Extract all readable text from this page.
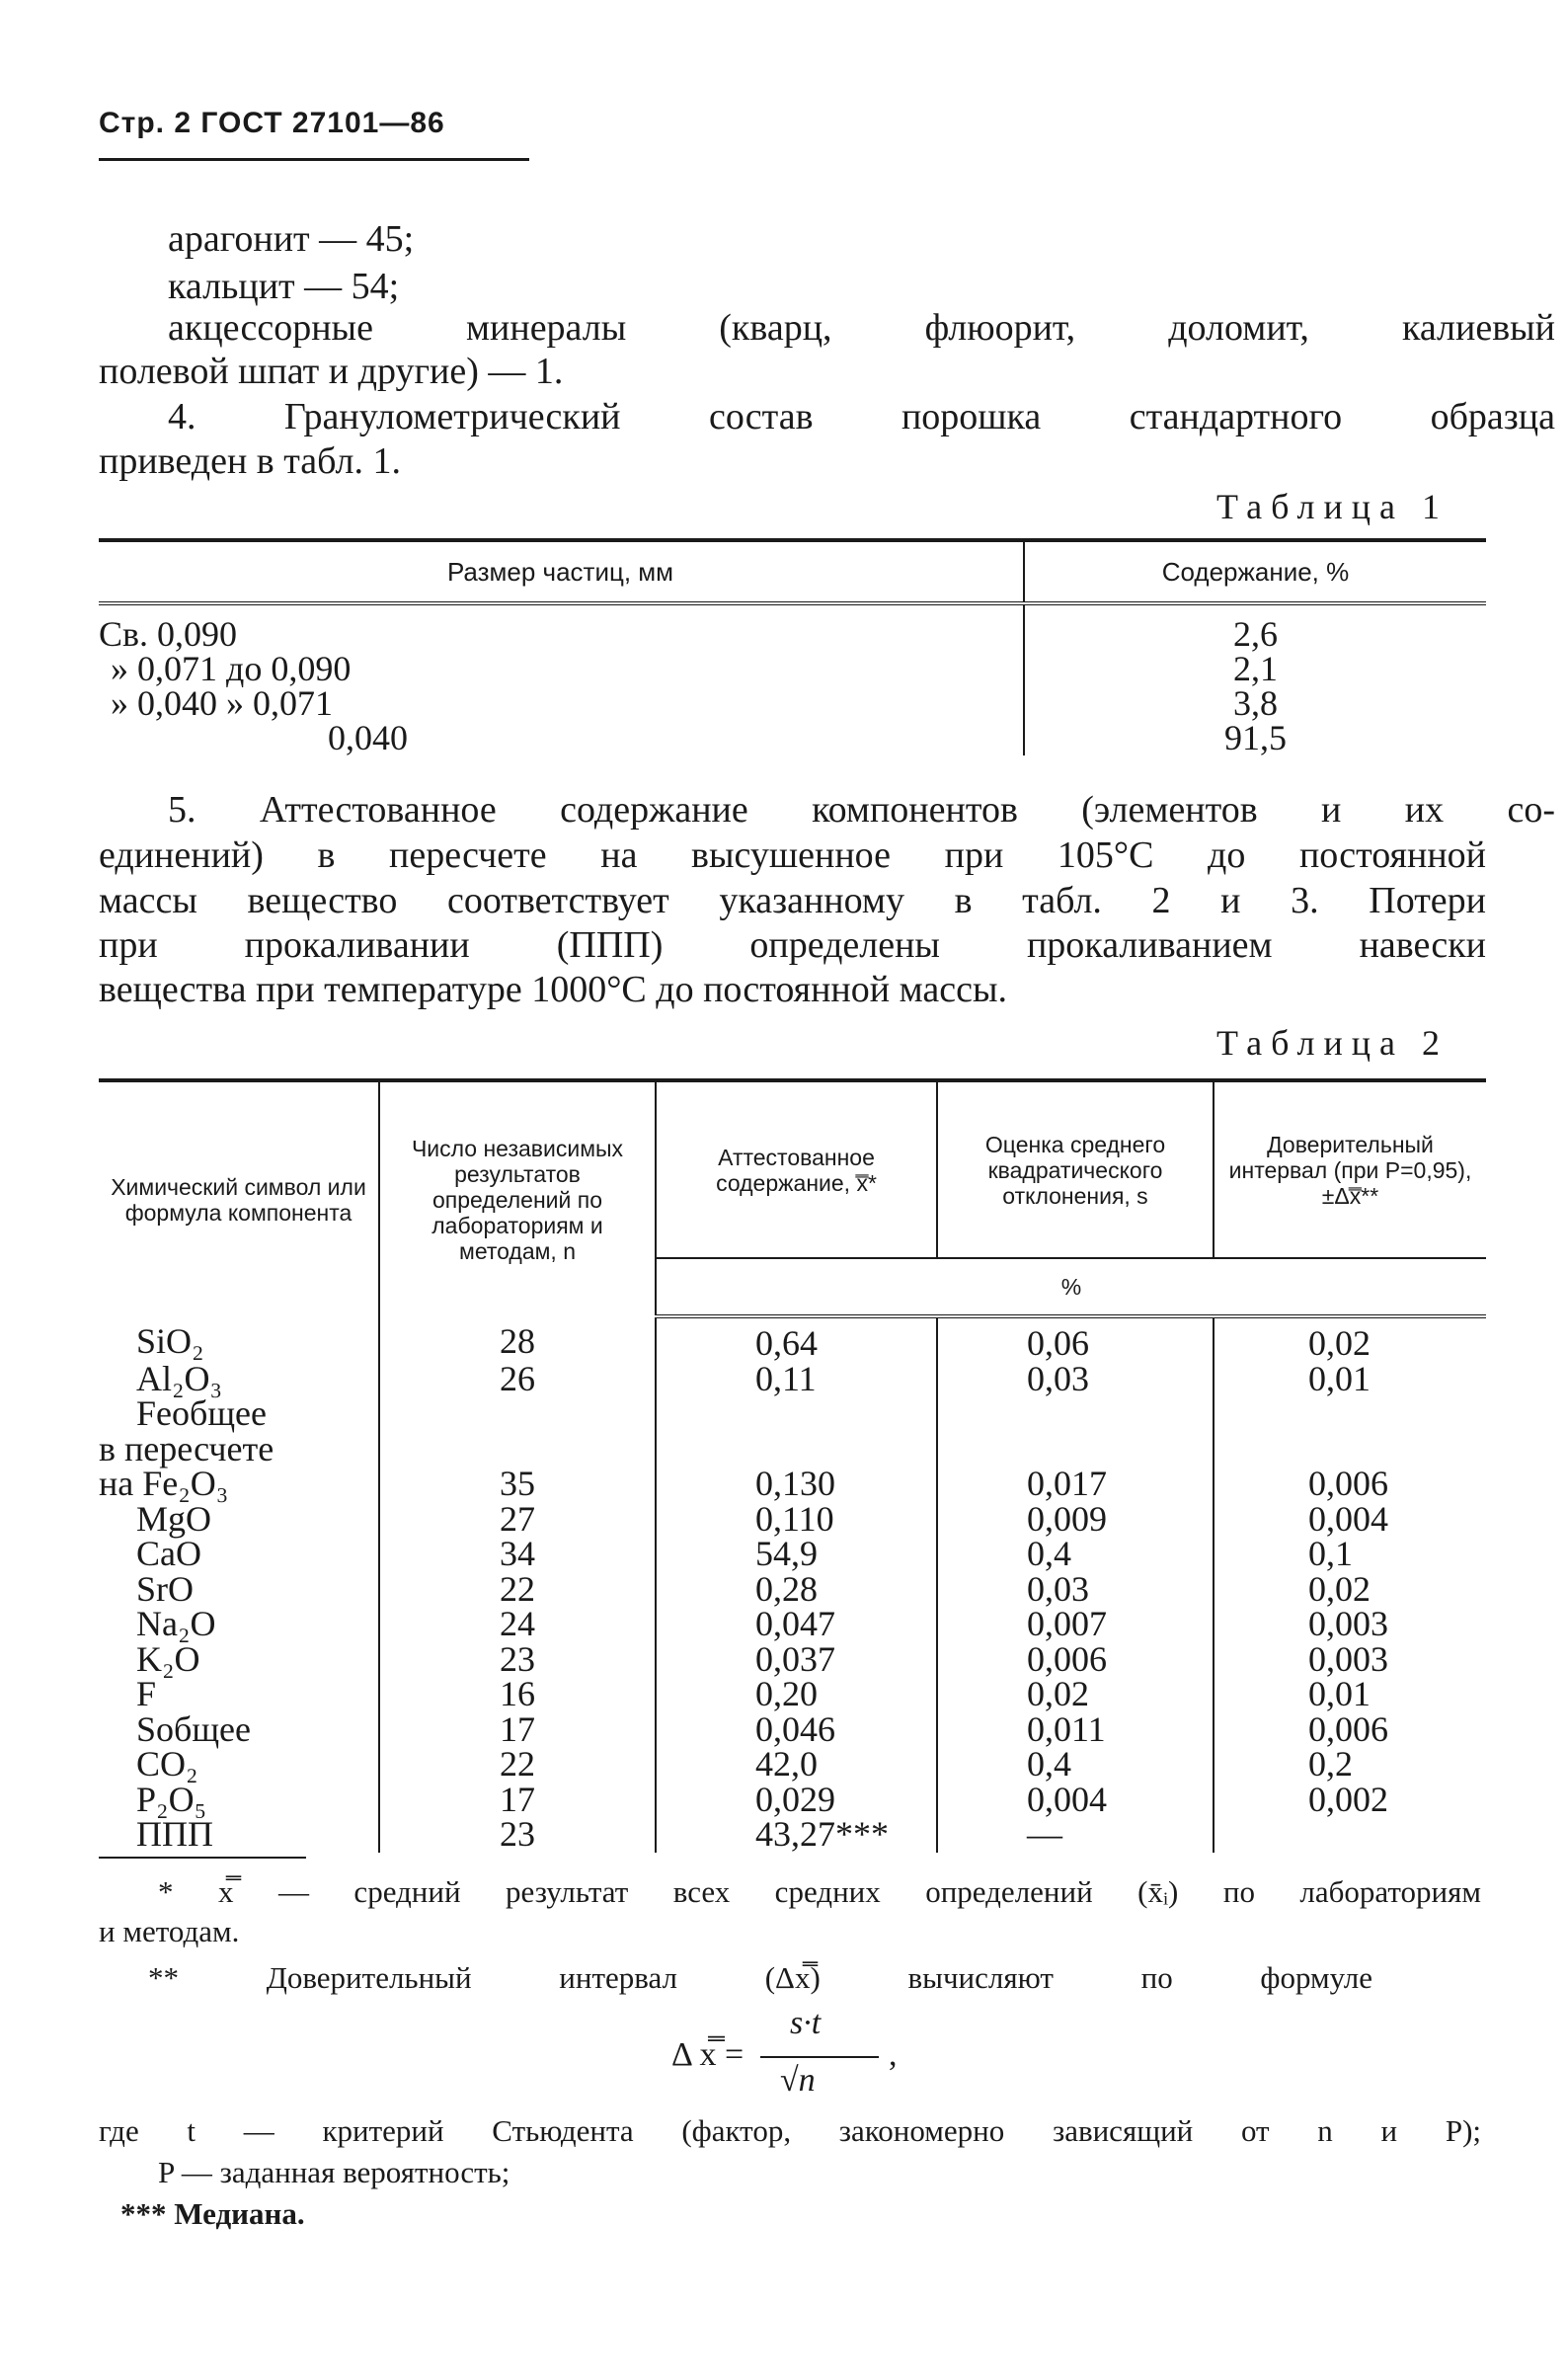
Стр. 2 ГОСТ 27101—86

арагонит — 45;

кальцит — 54;

акцессорные минералы (кварц, флюорит, доломит, калиевый

полевой шпат и другие) — 1.

4. Гранулометрический состав порошка стандартного образца

приведен в табл. 1.

Таблица 1
Размер частиц, мм	Содержание, %
Св. 0,090	2,6
» 0,071 до 0,090	2,1
» 0,040 » 0,071	3,8
0,040	91,5

5. Аттестованное содержание компонентов (элементов и их со-

единений) в пересчете на высушенное при 105°С до постоянной

массы вещество соответствует указанному в табл. 2 и 3. Потери

при прокаливании (ППП) определены прокаливанием навески

вещества при температуре 1000°С до постоянной массы.

Таблица 2
Химический символ или формула компонента	Число независимых результатов определений по лабораториям и методам, n	Аттестованное содержание, x̿*	Оценка среднего квадратического отклонения, s	Доверительный интервал (при P=0,95), ±Δx̿**
		%		
SiO₂	28	0,64	0,06	0,02
Al₂O₃	26	0,11	0,03	0,01
Feобщее				
в пересчете				
на Fe₂O₃	35	0,130	0,017	0,006
MgO	27	0,110	0,009	0,004
CaO	34	54,9	0,4	0,1
SrO	22	0,28	0,03	0,02
Na₂O	24	0,047	0,007	0,003
K₂O	23	0,037	0,006	0,003
F	16	0,20	0,02	0,01
Sобщее	17	0,046	0,011	0,006
CO₂	22	42,0	0,4	0,2
P₂O₅	17	0,029	0,004	0,002
ППП	23	43,27***	—	

* x̿ — средний результат всех средних определений (x̄ᵢ) по лабораториям

и методам.

** Доверительный интервал (Δx̿) вычисляют по формуле

Δ x̿ =
s·t
√n
,

где t — критерий Стьюдента (фактор, закономерно зависящий от n и P);

P — заданная вероятность;

*** Медиана.
